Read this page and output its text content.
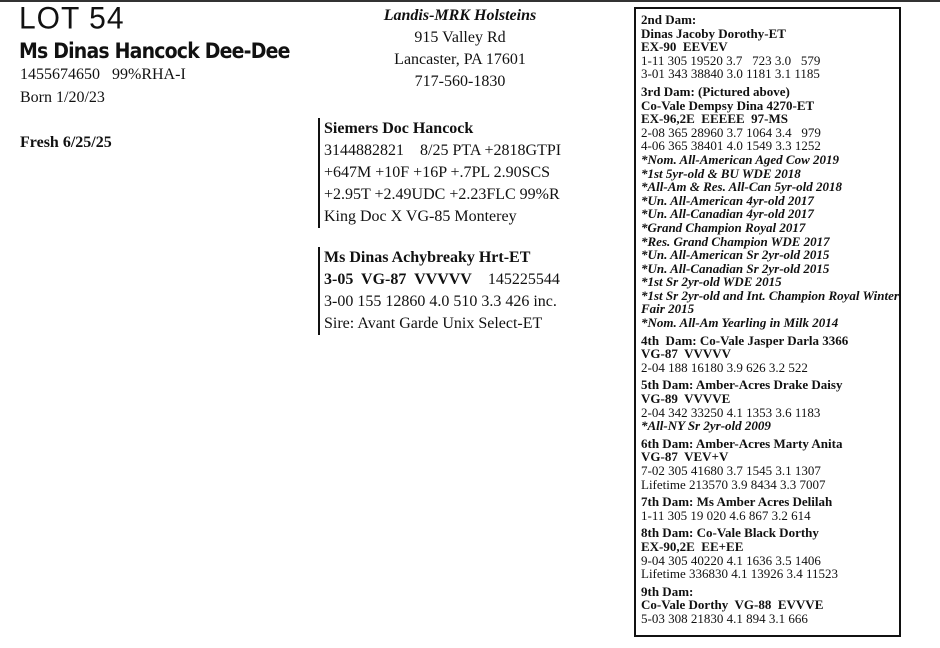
LOT 54
Ms Dinas Hancock Dee-Dee
1455674650   99%RHA-I
Born 1/20/23
Fresh 6/25/25
Landis-MRK Holsteins
915 Valley Rd
Lancaster, PA 17601
717-560-1830
Siemers Doc Hancock
3144882821    8/25 PTA +2818GTPI
+647M +10F +16P +.7PL 2.90SCS
+2.95T +2.49UDC +2.23FLC 99%R
King Doc X VG-85 Monterey
Ms Dinas Achybreaky Hrt-ET
3-05  VG-87  VVVVV 145225544
3-00 155 12860 4.0 510 3.3 426 inc.
Sire: Avant Garde Unix Select-ET
2nd Dam:
Dinas Jacoby Dorothy-ET
EX-90  EEVEV
1-11 305 19520 3.7   723 3.0   579
3-01 343 38840 3.0 1181 3.1 1185
3rd Dam: (Pictured above)
Co-Vale Dempsy Dina 4270-ET
EX-96,2E  EEEEE  97-MS
2-08 365 28960 3.7 1064 3.4   979
4-06 365 38401 4.0 1549 3.3 1252
*Nom. All-American Aged Cow 2019
*1st 5yr-old & BU WDE 2018
*All-Am & Res. All-Can 5yr-old 2018
*Un. All-American 4yr-old 2017
*Un. All-Canadian 4yr-old 2017
*Grand Champion Royal 2017
*Res. Grand Champion WDE 2017
*Un. All-American Sr 2yr-old 2015
*Un. All-Canadian Sr 2yr-old 2015
*1st Sr 2yr-old WDE 2015
*1st Sr 2yr-old and Int. Champion Royal Winter Fair 2015
*Nom. All-Am Yearling in Milk 2014
4th  Dam: Co-Vale Jasper Darla 3366
VG-87  VVVVV
2-04 188 16180 3.9 626 3.2 522
5th Dam: Amber-Acres Drake Daisy
VG-89  VVVVE
2-04 342 33250 4.1 1353 3.6 1183
*All-NY Sr 2yr-old 2009
6th Dam: Amber-Acres Marty Anita
VG-87  VEV+V
7-02 305 41680 3.7 1545 3.1 1307
Lifetime 213570 3.9 8434 3.3 7007
7th Dam: Ms Amber Acres Delilah
1-11 305 19 020 4.6 867 3.2 614
8th Dam: Co-Vale Black Dorthy
EX-90,2E  EE+EE
9-04 305 40220 4.1 1636 3.5 1406
Lifetime 336830 4.1 13926 3.4 11523
9th Dam:
Co-Vale Dorthy  VG-88  EVVVE
5-03 308 21830 4.1 894 3.1 666
